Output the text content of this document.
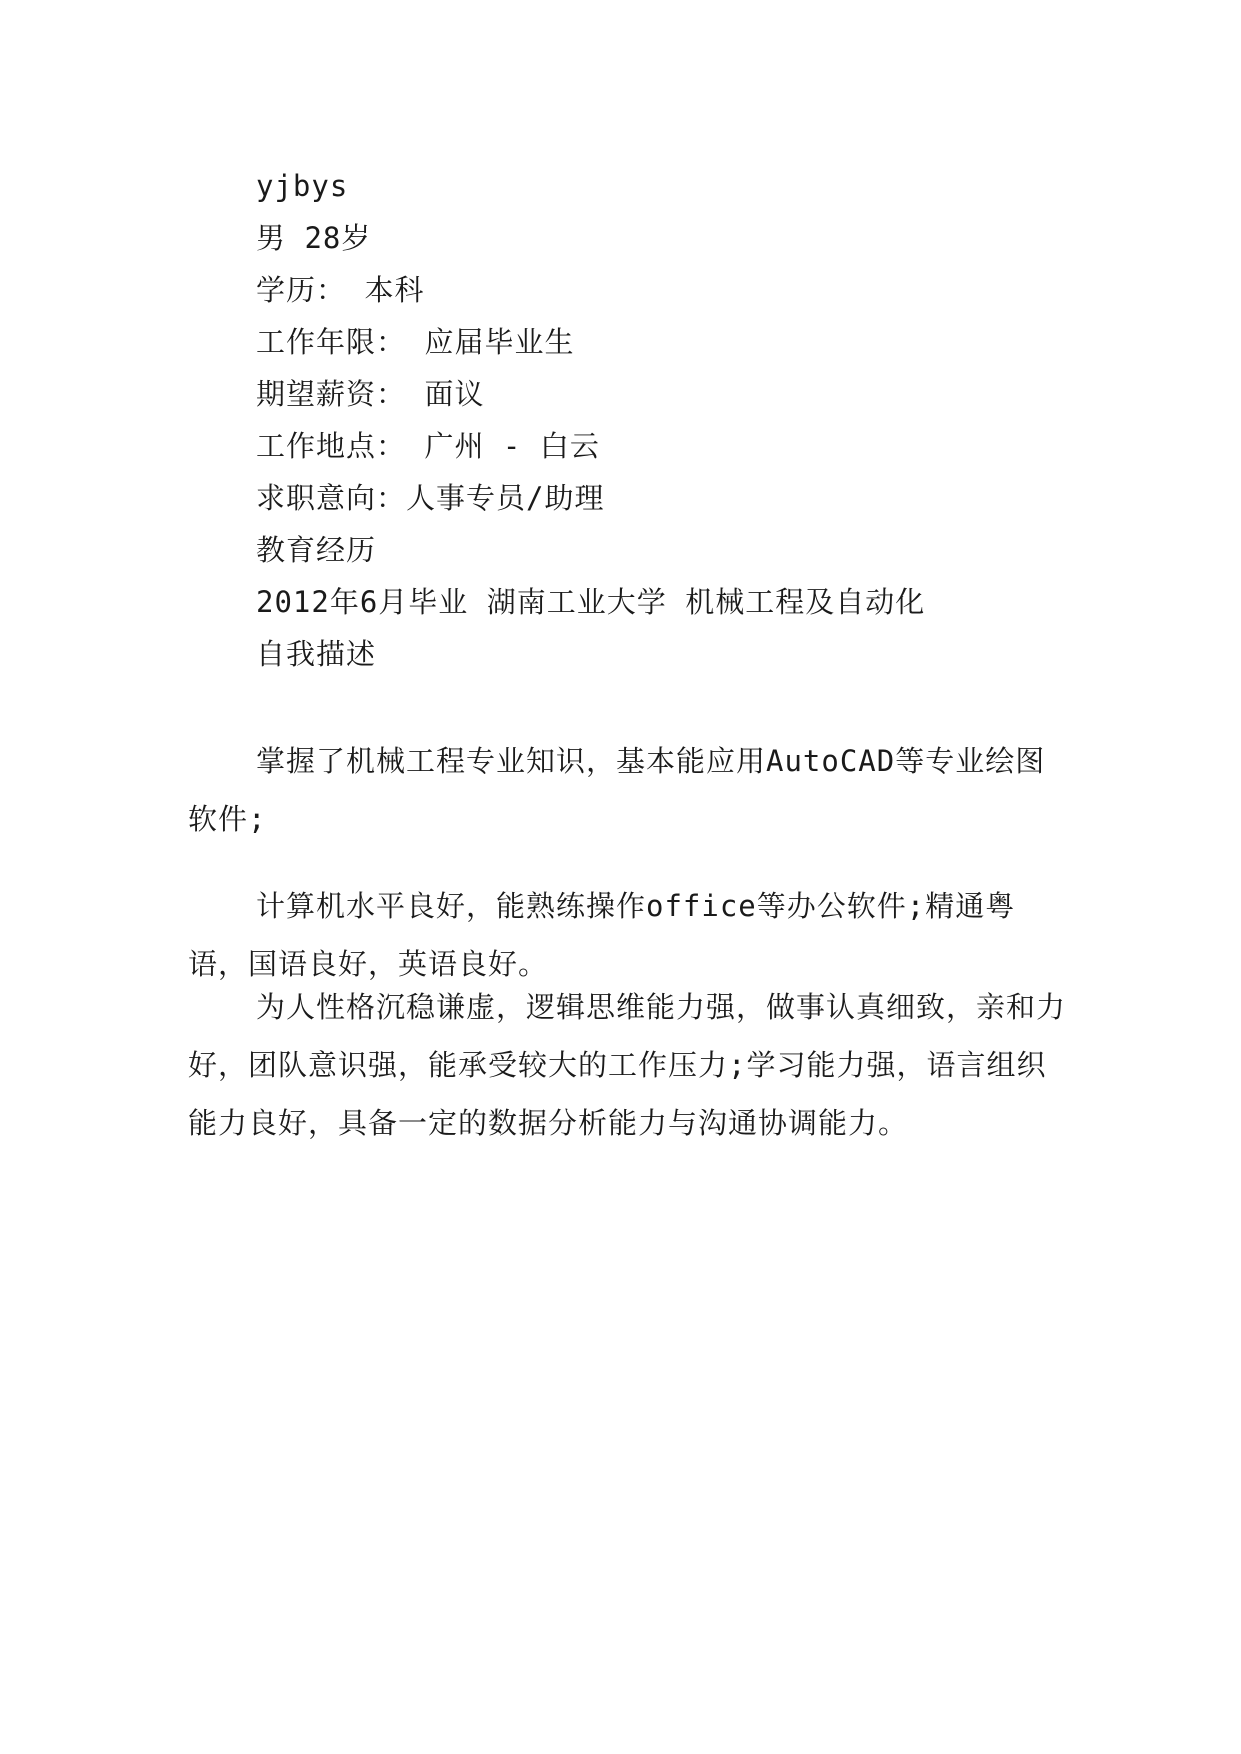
yjbys
男 28岁
学历： 本科
工作年限： 应届毕业生
期望薪资： 面议
工作地点： 广州 - 白云
求职意向：人事专员/助理
教育经历
2012年6月毕业 湖南工业大学 机械工程及自动化
自我描述
掌握了机械工程专业知识，基本能应用AutoCAD等专业绘图软件;
计算机水平良好，能熟练操作office等办公软件;精通粤语，国语良好，英语良好。
为人性格沉稳谦虚，逻辑思维能力强，做事认真细致，亲和力好，团队意识强，能承受较大的工作压力;学习能力强，语言组织能力良好，具备一定的数据分析能力与沟通协调能力。
